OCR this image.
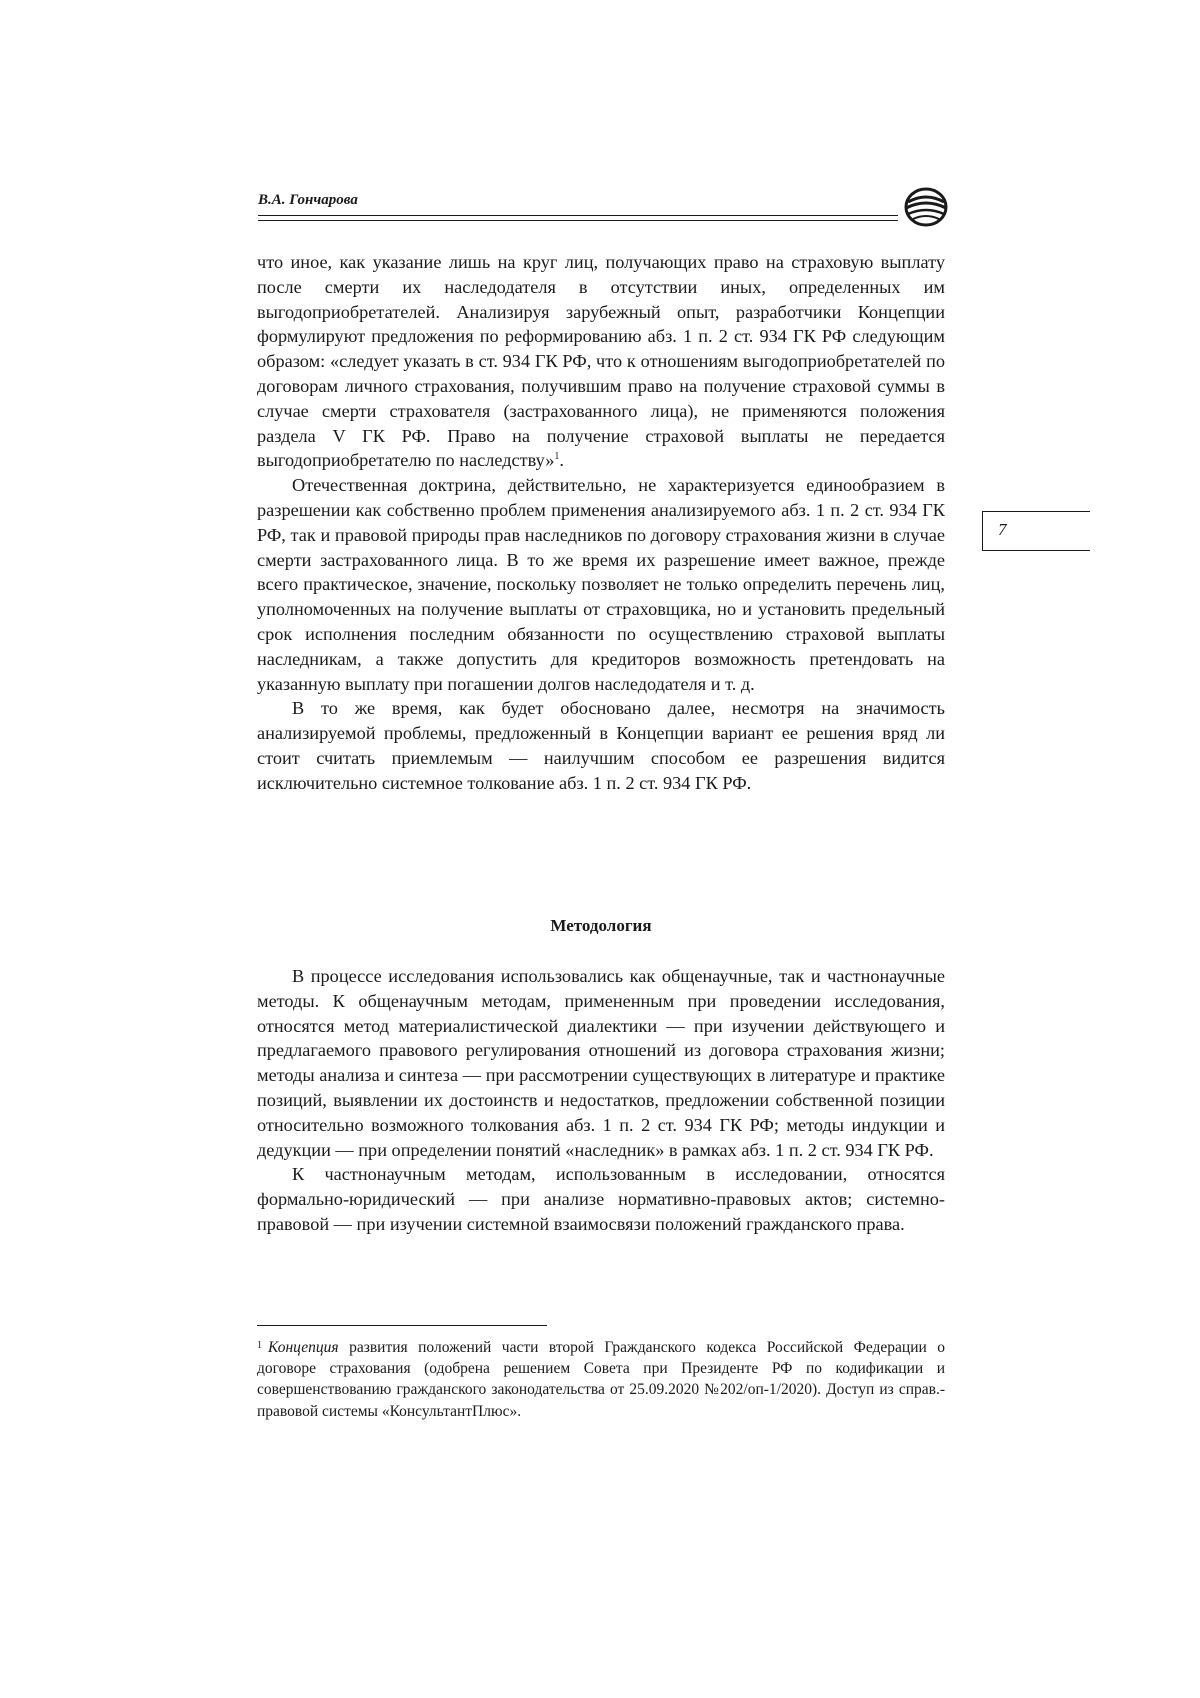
В.А. Гончарова
7

что иное, как указание лишь на круг лиц, получающих право на страховую выплату после смерти их наследодателя в отсутствии иных, определенных им выгодоприобретателей. Анализируя зарубежный опыт, разработчики Концепции формулируют предложения по реформированию абз. 1 п. 2 ст. 934 ГК РФ следующим образом: «следует указать в ст. 934 ГК РФ, что к отношениям выгодоприобретателей по договорам личного страхования, получившим право на получение страховой суммы в случае смерти страхователя (застрахованного лица), не применяются положения раздела V ГК РФ. Право на получение страховой выплаты не передается выгодоприобретателю по наследству»$^1$.

Отечественная доктрина, действительно, не характеризуется единообразием в разрешении как собственно проблем применения анализируемого абз. 1 п. 2 ст. 934 ГК РФ, так и правовой природы прав наследников по договору страхования жизни в случае смерти застрахованного лица. В то же время их разрешение имеет важное, прежде всего практическое, значение, поскольку позволяет не только определить перечень лиц, уполномоченных на получение выплаты от страховщика, но и установить предельный срок исполнения последним обязанности по осуществлению страховой выплаты наследникам, а также допустить для кредиторов возможность претендовать на указанную выплату при погашении долгов наследодателя и т. д.

В то же время, как будет обосновано далее, несмотря на значимость анализируемой проблемы, предложенный в Концепции вариант ее решения вряд ли стоит считать приемлемым — наилучшим способом ее разрешения видится исключительно системное толкование абз. 1 п. 2 ст. 934 ГК РФ.

Методология

В процессе исследования использовались как общенаучные, так и частнонаучные методы. К общенаучным методам, примененным при проведении исследования, относятся метод материалистической диалектики — при изучении действующего и предлагаемого правового регулирования отношений из договора страхования жизни; методы анализа и синтеза — при рассмотрении существующих в литературе и практике позиций, выявлении их достоинств и недостатков, предложении собственной позиции относительно возможного толкования абз. 1 п. 2 ст. 934 ГК РФ; методы индукции и дедукции — при определении понятий «наследник» в рамках абз. 1 п. 2 ст. 934 ГК РФ.

К частнонаучным методам, использованным в исследовании, относятся формально-юридический — при анализе нормативно-правовых актов; системно-правовой — при изучении системной взаимосвязи положений гражданского права.

$^1$ Концепция развития положений части второй Гражданского кодекса Российской Федерации о договоре страхования (одобрена решением Совета при Президенте РФ по кодификации и совершенствованию гражданского законодательства от 25.09.2020 №202/оп-1/2020). Доступ из справ.-правовой системы «КонсультантПлюс».
